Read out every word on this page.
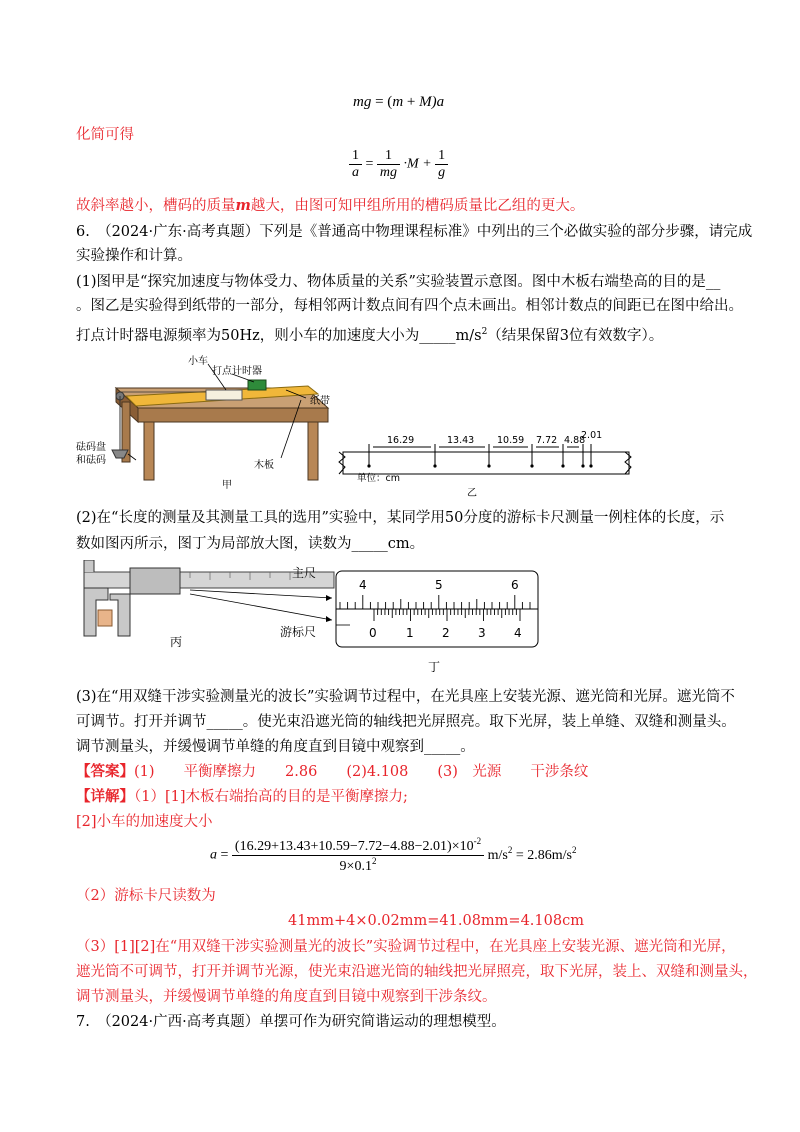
mg = (m + M)a
化简可得
$\frac{1}{a} = \frac{1}{mg} \cdot M + \frac{1}{g}$
故斜率越小，槽码的质量m越大，由图可知甲组所用的槽码质量比乙组的更大。
6.　（2024·广东·高考真题）下列是《普通高中物理课程标准》中列出的三个必做实验的部分步骤，请完成
实验操作和计算。
(1)图甲是“探究加速度与物体受力、物体质量的关系”实验装置示意图。图中木板右端垫高的目的是__
。图乙是实验得到纸带的一部分，每相邻两计数点间有四个点未画出。相邻计数点的间距已在图中给出。
打点计时器电源频率为50Hz，则小车的加速度大小为$\_\_\_\_\_m/s^2$（结果保留3位有效数字）。
小车
打点计时器
纸带
砝码盘
和砝码	木板
甲
16.29	13.43 10.59 7.72 4.88
2.01
单位：cm
乙
(2)在“长度的测量及其测量工具的选用”实验中，某同学用50分度的游标卡尺测量一例柱体的长度，示
数如图丙所示，图丁为局部放大图，读数为_____cm。
丙
主尺
游标尺
4	5	6
0 1 2 3 4
丁
(3)在“用双缝干涉实验测量光的波长”实验调节过程中，在光具座上安装光源、遮光筒和光屏。遮光筒不
可调节。打开并调节_____。使光束沿遮光筒的轴线把光屏照亮。取下光屏，装上单缝、双缝和测量头。
调节测量头，并缓慢调节单缝的角度直到目镜中观察到_____。
【答案】(1)　　平衡摩擦力　　2.86　　 (2)4.108　　 (3)　光源　　干涉条纹
【详解】（1）[1]木板右端抬高的目的是平衡摩擦力;
[2]小车的加速度大小
$a = \frac{(16.29+13.43+10.59-7.72-4.88-2.01)\times 10^{-2}}{9\times 0.1^2} m/s^2 = 2.86m/s^2$
（2）游标卡尺读数为
41mm+4×0.02mm=41.08mm=4.108cm
（3）[1][2]在“用双缝干涉实验测量光的波长”实验调节过程中，在光具座上安装光源、遮光筒和光屏，
遮光筒不可调节，打开并调节光源，使光束沿遮光筒的轴线把光屏照亮，取下光屏，装上、双缝和测量头，
调节测量头，并缓慢调节单缝的角度直到目镜中观察到干涉条纹。
7.　（2024·广西·高考真题）单摆可作为研究简谐运动的理想模型。
